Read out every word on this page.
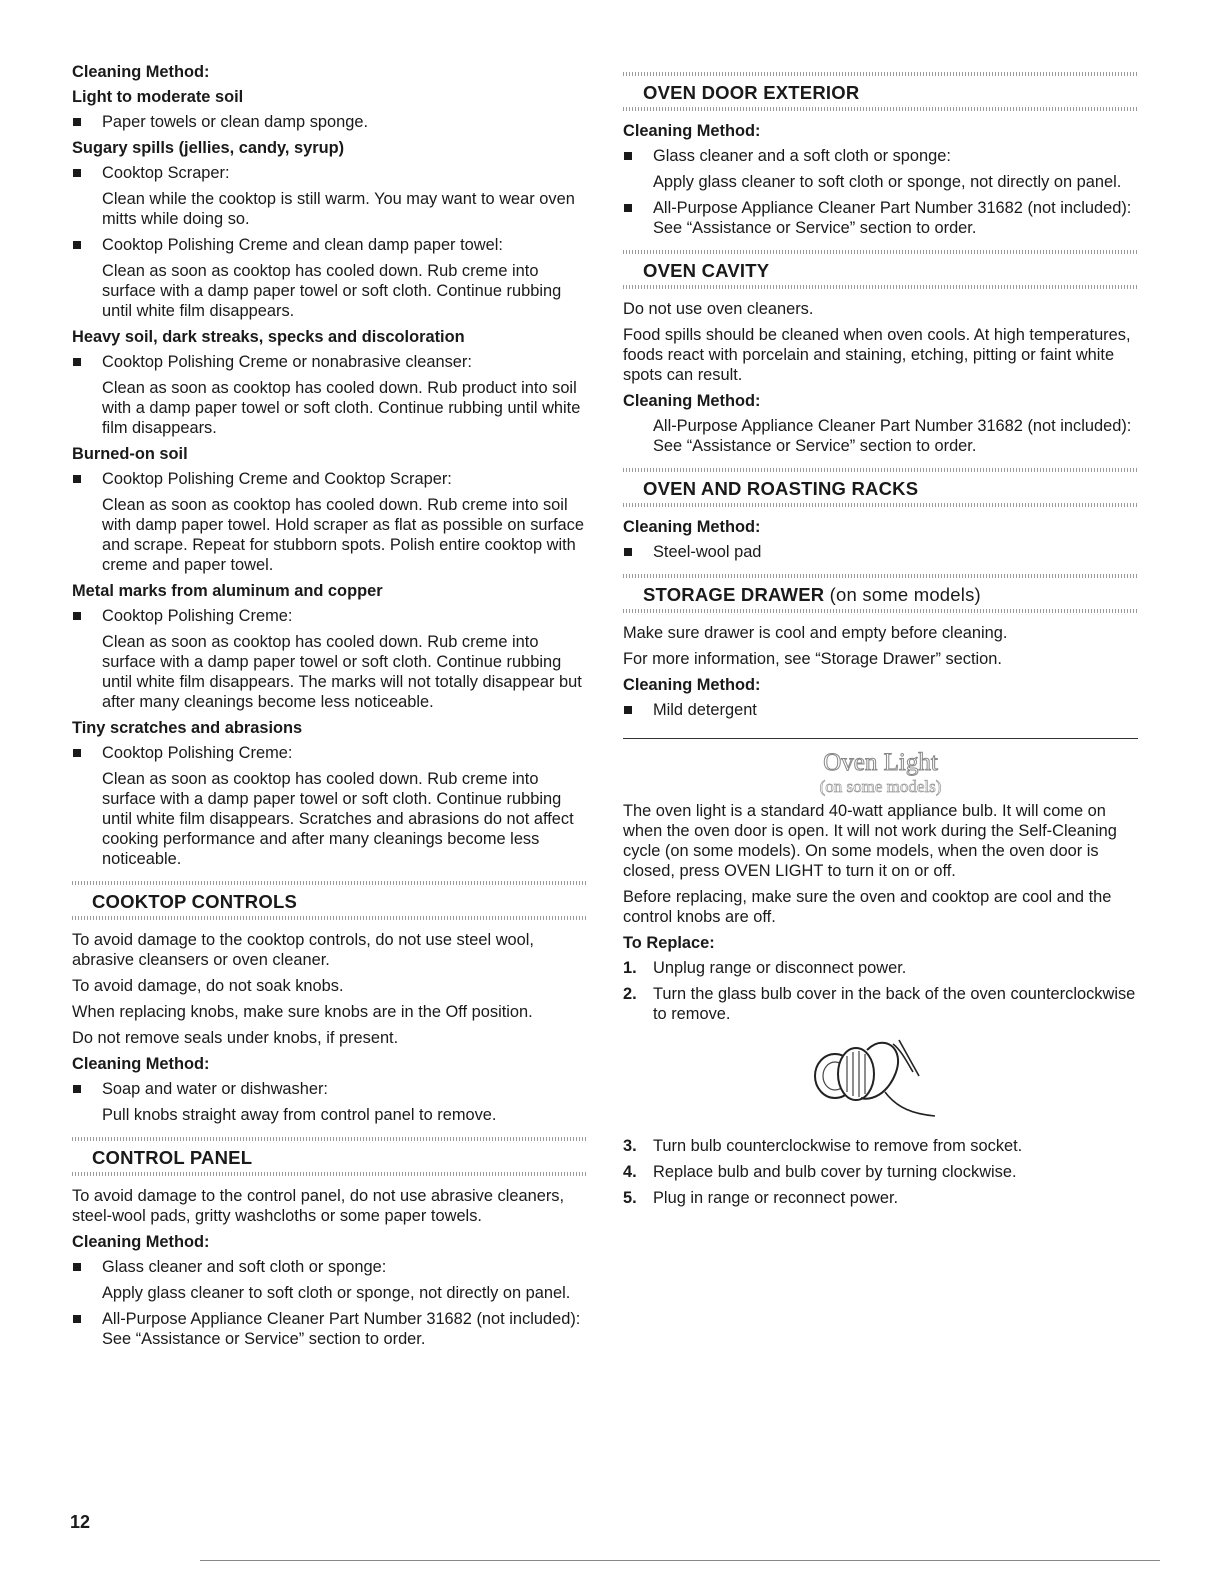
Cleaning Method:

Light to moderate soil

Paper towels or clean damp sponge.

Sugary spills (jellies, candy, syrup)

Cooktop Scraper:

Clean while the cooktop is still warm. You may want to wear oven mitts while doing so.

Cooktop Polishing Creme and clean damp paper towel:

Clean as soon as cooktop has cooled down. Rub creme into surface with a damp paper towel or soft cloth. Continue rubbing until white film disappears.

Heavy soil, dark streaks, specks and discoloration

Cooktop Polishing Creme or nonabrasive cleanser:

Clean as soon as cooktop has cooled down. Rub product into soil with a damp paper towel or soft cloth. Continue rubbing until white film disappears.

Burned-on soil

Cooktop Polishing Creme and Cooktop Scraper:

Clean as soon as cooktop has cooled down. Rub creme into soil with damp paper towel. Hold scraper as flat as possible on surface and scrape. Repeat for stubborn spots. Polish entire cooktop with creme and paper towel.

Metal marks from aluminum and copper

Cooktop Polishing Creme:

Clean as soon as cooktop has cooled down. Rub creme into surface with a damp paper towel or soft cloth. Continue rubbing until white film disappears. The marks will not totally disappear but after many cleanings become less noticeable.

Tiny scratches and abrasions

Cooktop Polishing Creme:

Clean as soon as cooktop has cooled down. Rub creme into surface with a damp paper towel or soft cloth. Continue rubbing until white film disappears. Scratches and abrasions do not affect cooking performance and after many cleanings become less noticeable.

COOKTOP CONTROLS

To avoid damage to the cooktop controls, do not use steel wool, abrasive cleansers or oven cleaner.

To avoid damage, do not soak knobs.

When replacing knobs, make sure knobs are in the Off position.

Do not remove seals under knobs, if present.

Cleaning Method:

Soap and water or dishwasher:

Pull knobs straight away from control panel to remove.

CONTROL PANEL

To avoid damage to the control panel, do not use abrasive cleaners, steel-wool pads, gritty washcloths or some paper towels.

Cleaning Method:

Glass cleaner and soft cloth or sponge:

Apply glass cleaner to soft cloth or sponge, not directly on panel.

All-Purpose Appliance Cleaner Part Number 31682 (not included):

See “Assistance or Service” section to order.

OVEN DOOR EXTERIOR

Cleaning Method:

Glass cleaner and a soft cloth or sponge:

Apply glass cleaner to soft cloth or sponge, not directly on panel.

All-Purpose Appliance Cleaner Part Number 31682 (not included):

See “Assistance or Service” section to order.

OVEN CAVITY

Do not use oven cleaners.

Food spills should be cleaned when oven cools. At high temperatures, foods react with porcelain and staining, etching, pitting or faint white spots can result.

Cleaning Method:

All-Purpose Appliance Cleaner Part Number 31682 (not included):

See “Assistance or Service” section to order.

OVEN AND ROASTING RACKS

Cleaning Method:

Steel-wool pad
STORAGE DRAWER (on some models)

Make sure drawer is cool and empty before cleaning.

For more information, see “Storage Drawer” section.

Cleaning Method:

Mild detergent
Oven Light
(on some models)

The oven light is a standard 40-watt appliance bulb. It will come on when the oven door is open. It will not work during the Self-Cleaning cycle (on some models). On some models, when the oven door is closed, press OVEN LIGHT to turn it on or off.

Before replacing, make sure the oven and cooktop are cool and the control knobs are off.

To Replace:

1. Unplug range or disconnect power.
2. Turn the glass bulb cover in the back of the oven counterclockwise to remove.
3. Turn bulb counterclockwise to remove from socket.
4. Replace bulb and bulb cover by turning clockwise.
5. Plug in range or reconnect power.
12
